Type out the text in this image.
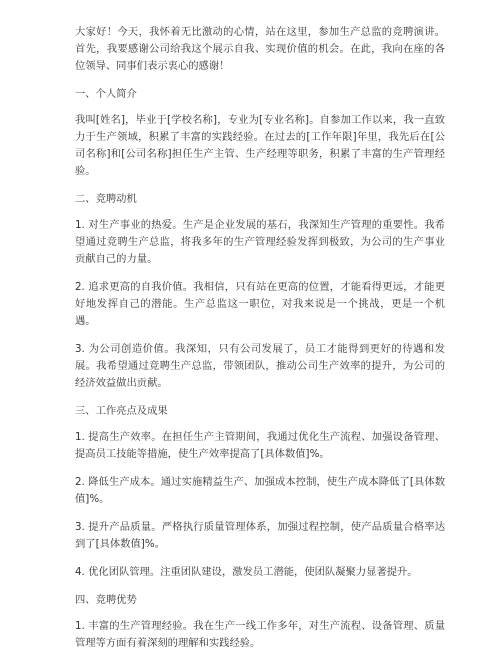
大家好！今天，我怀着无比激动的心情，站在这里，参加生产总监的竞聘演讲。首先，我要感谢公司给我这个展示自我、实现价值的机会。在此，我向在座的各位领导、同事们表示衷心的感谢！

一、个人简介

我叫[姓名]，毕业于[学校名称]，专业为[专业名称]。自参加工作以来，我一直致力于生产领域，积累了丰富的实践经验。在过去的[工作年限]年里，我先后在[公司名称]和[公司名称]担任生产主管、生产经理等职务，积累了丰富的生产管理经验。

二、竞聘动机

1. 对生产事业的热爱。生产是企业发展的基石，我深知生产管理的重要性。我希望通过竞聘生产总监，将我多年的生产管理经验发挥到极致，为公司的生产事业贡献自己的力量。

2. 追求更高的自我价值。我相信，只有站在更高的位置，才能看得更远，才能更好地发挥自己的潜能。生产总监这一职位，对我来说是一个挑战，更是一个机遇。

3. 为公司创造价值。我深知，只有公司发展了，员工才能得到更好的待遇和发展。我希望通过竞聘生产总监，带领团队，推动公司生产效率的提升，为公司的经济效益做出贡献。

三、工作亮点及成果

1. 提高生产效率。在担任生产主管期间，我通过优化生产流程、加强设备管理、提高员工技能等措施，使生产效率提高了[具体数值]%。

2. 降低生产成本。通过实施精益生产、加强成本控制，使生产成本降低了[具体数值]%。

3. 提升产品质量。严格执行质量管理体系，加强过程控制，使产品质量合格率达到了[具体数值]%。

4. 优化团队管理。注重团队建设，激发员工潜能，使团队凝聚力显著提升。

四、竞聘优势

1. 丰富的生产管理经验。我在生产一线工作多年，对生产流程、设备管理、质量管理等方面有着深刻的理解和实践经验。
